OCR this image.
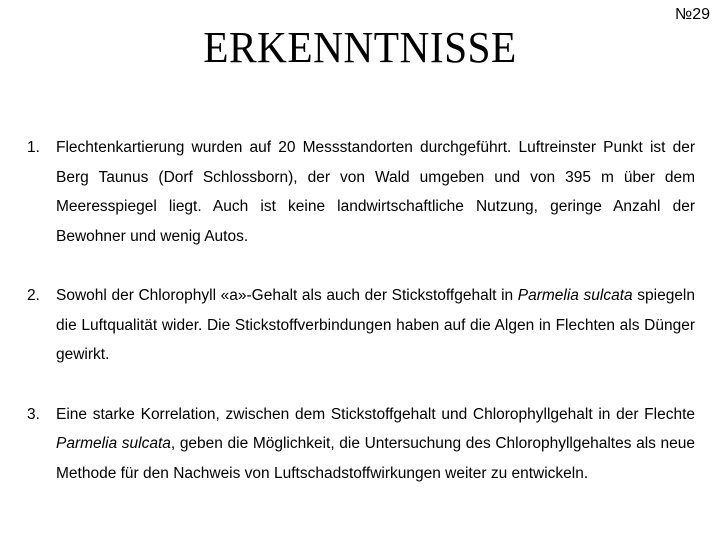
№29
ERKENNTNISSE
1. Flechtenkartierung wurden auf 20 Messstandorten durchgeführt. Luftreinster Punkt ist der Berg Taunus (Dorf Schlossborn), der von Wald umgeben und von 395 m über dem Meeresspiegel liegt. Auch ist keine landwirtschaftliche Nutzung, geringe Anzahl der Bewohner und wenig Autos.
2. Sowohl der Chlorophyll «a»-Gehalt als auch der Stickstoffgehalt in Parmelia sulcata spiegeln die Luftqualität wider. Die Stickstoffverbindungen haben auf die Algen in Flechten als Dünger gewirkt.
3. Eine starke Korrelation, zwischen dem Stickstoffgehalt und Chlorophyllgehalt in der Flechte Parmelia sulcata, geben die Möglichkeit, die Untersuchung des Chlorophyllgehaltes als neue Methode für den Nachweis von Luftschadstoffwirkungen weiter zu entwickeln.
